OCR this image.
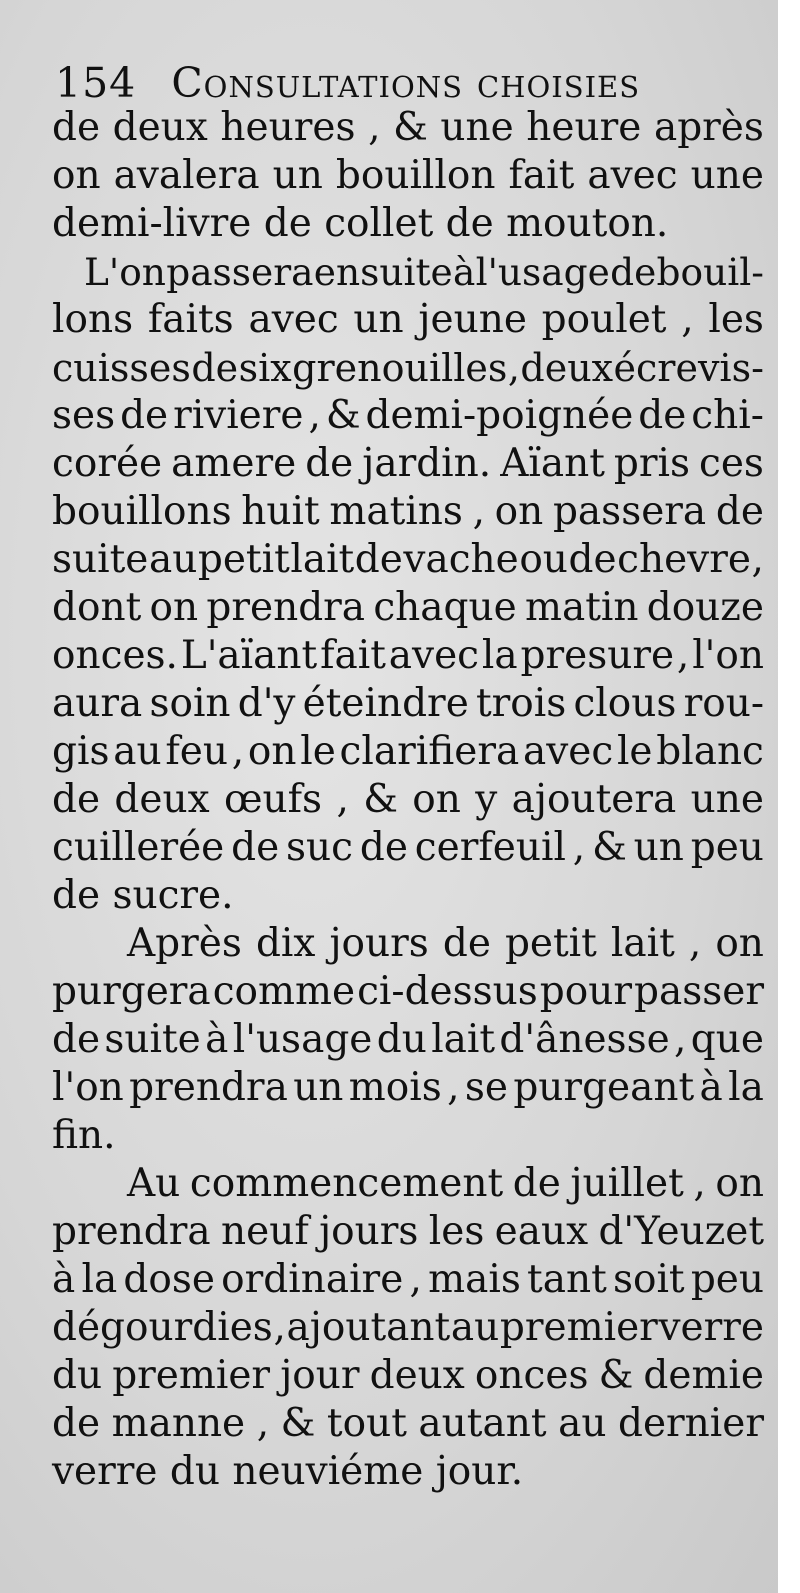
154 Consultations choisies
de deux heures , & une heure après
on avalera un bouillon fait avec une
demi-livre de collet de mouton.
L'on passera ensuite à l'usage de bouil-
lons faits avec un jeune poulet , les
cuisses de six grenouilles , deux écrevis-
ses de riviere , & demi-poignée de chi-
corée amere de jardin. Aïant pris ces
bouillons huit matins , on passera de
suite au petit lait de vache ou de chevre ,
dont on prendra chaque matin douze
onces. L'aïant fait avec la presure , l'on
aura soin d'y éteindre trois clous rou-
gis au feu , on le clarifiera avec le blanc
de deux œufs , & on y ajoutera une
cuillerée de suc de cerfeuil , & un peu
de sucre.
Après dix jours de petit lait , on
purgera comme ci-dessus pour passer
de suite à l'usage du lait d'ânesse , que
l'on prendra un mois , se purgeant à la
fin.
Au commencement de juillet , on
prendra neuf jours les eaux d'Yeuzet
à la dose ordinaire , mais tant soit peu
dégourdies , ajoutant au premier verre
du premier jour deux onces & demie
de manne , & tout autant au dernier
verre du neuviéme jour.
